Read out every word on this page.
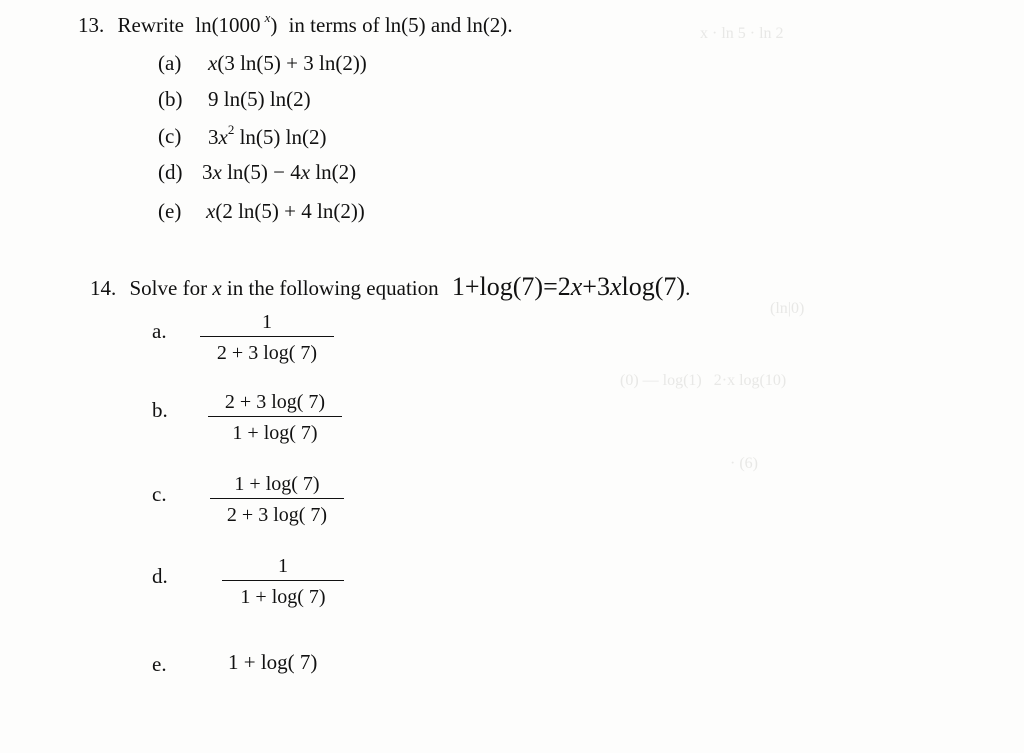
x · ln 5 · ln 2
(ln|0)
(0) — log(1)   2·x log(10)
· (6)
13. Rewrite ln(1000 $^x$) in terms of ln(5) and ln(2).
(a) x(3 ln(5) + 3 ln(2))
(b) 9 ln(5) ln(2)
(c) $3x^2$ ln(5) ln(2)
(d) 3x ln(5) − 4x ln(2)
(e) x(2 ln(5) + 4 ln(2))
14. Solve for x in the following equation 1+log(7)=2x+3xlog(7).
a.	1
2 + 3 log( 7)
b.	2 + 3 log( 7)
1 + log( 7)
c.	1 + log( 7)
2 + 3 log( 7)
d.	1
1 + log( 7)
e.	1 + log( 7)
